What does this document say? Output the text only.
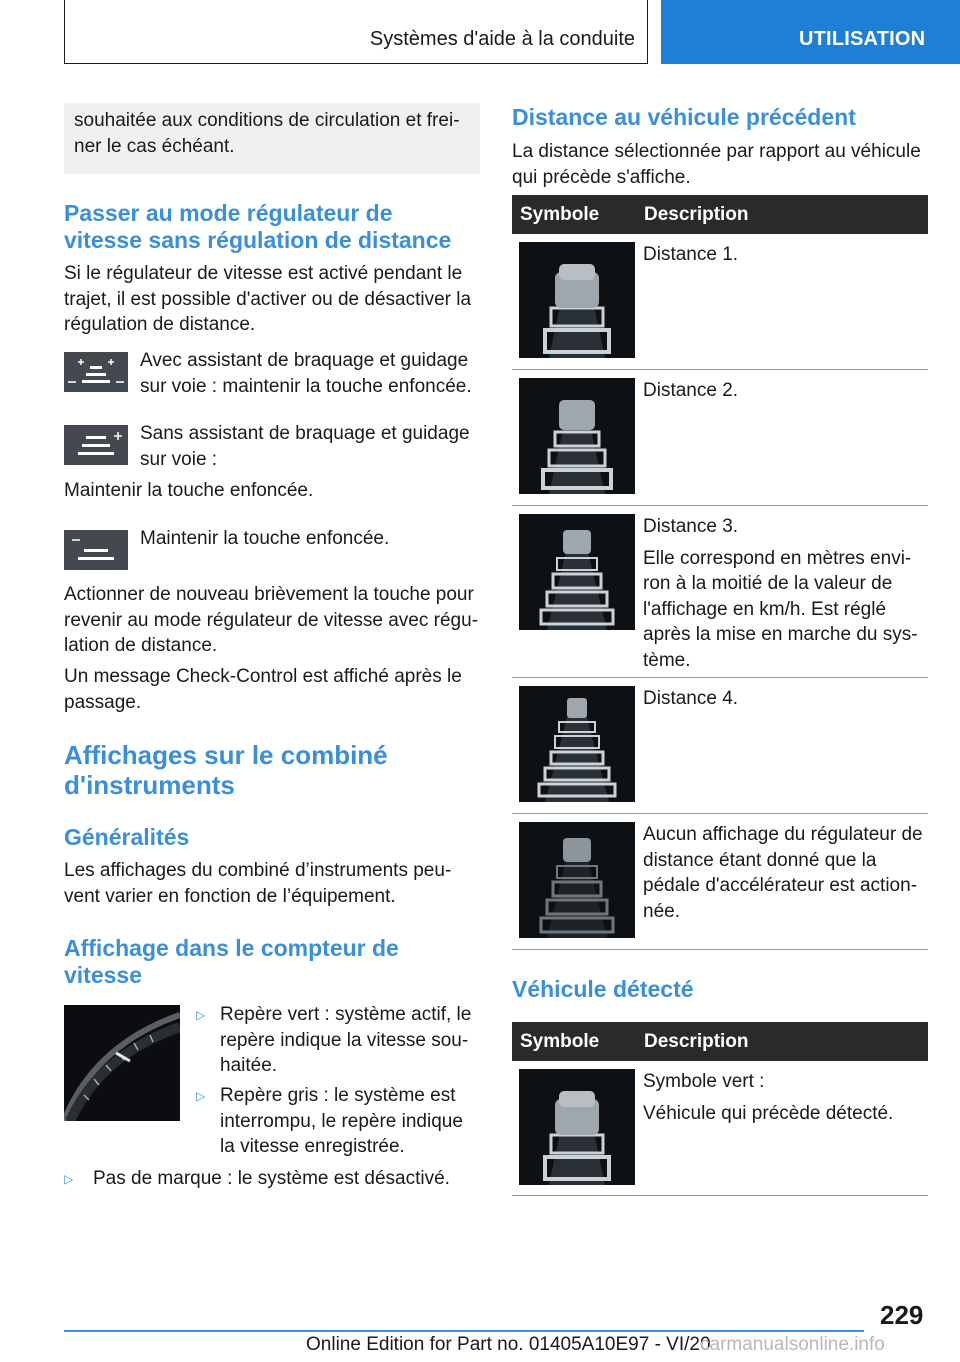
Systèmes d'aide à la conduite	UTILISATION

souhaitée aux conditions de circulation et freiner le cas échéant.

Passer au mode régulateur de
vitesse sans régulation de distance

Si le régulateur de vitesse est activé pendant le trajet, il est possible d'activer ou de désactiver la régulation de distance.

Avec assistant de braquage et guidage sur voie : maintenir la touche enfoncée.

Sans assistant de braquage et guidage sur voie :

Maintenir la touche enfoncée.

Maintenir la touche enfoncée.

Actionner de nouveau brièvement la touche pour revenir au mode régulateur de vitesse avec régulation de distance.

Un message Check-Control est affiché après le passage.

Affichages sur le combiné
d'instruments
Généralités

Les affichages du combiné d’instruments peuvent varier en fonction de l’équipement.

Affichage dans le compteur de
vitesse
▷ Repère vert : système actif, le repère indique la vitesse souhaitée.

▷ Repère gris : le système est interrompu, le repère indique la vitesse enregistrée.

▷ Pas de marque : le système est désactivé.

Distance au véhicule précédent

La distance sélectionnée par rapport au véhicule qui précède s'affiche.

Symbole Description

Distance 1.

Distance 2.

Distance 3.

Elle correspond en mètres environ à la moitié de la valeur de l'affichage en km/h. Est réglé après la mise en marche du système.

Distance 4.

Aucun affichage du régulateur de distance étant donné que la pédale d'accélérateur est actionnée.

Véhicule détecté
Symbole Description

Symbole vert :

Véhicule qui précède détecté.

229
Online Edition for Part no. 01405A10E97 - VI/20
carmanualsonline.info
